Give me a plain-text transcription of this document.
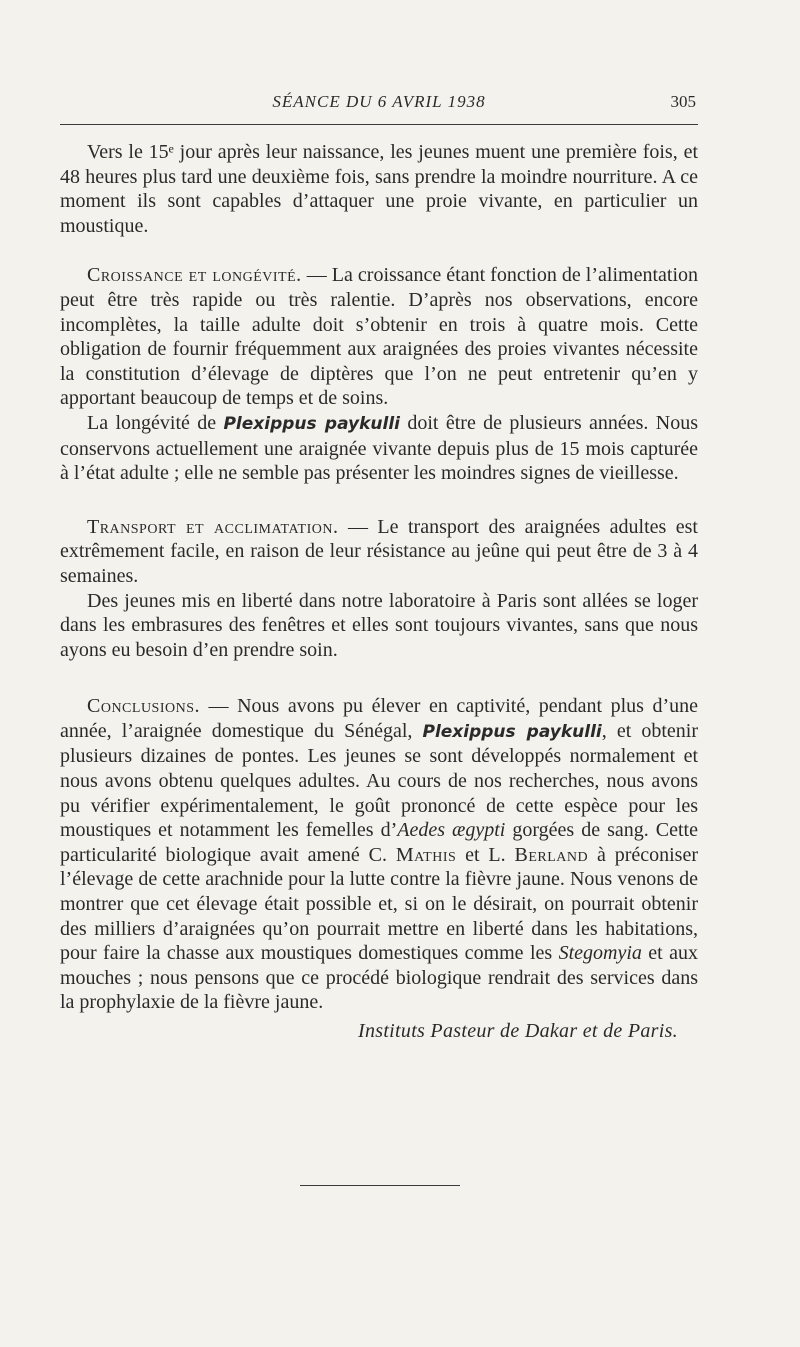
SÉANCE DU 6 AVRIL 1938	305

Vers le 15ᵉ jour après leur naissance, les jeunes muent une première fois, et 48 heures plus tard une deuxième fois, sans prendre la moindre nourriture. A ce moment ils sont capables d’attaquer une proie vivante, en particulier un moustique.

Croissance et longévité. — La croissance étant fonction de l’alimentation peut être très rapide ou très ralentie. D’après nos observations, encore incomplètes, la taille adulte doit s’obtenir en trois à quatre mois. Cette obligation de fournir fréquemment aux araignées des proies vivantes nécessite la constitution d’élevage de diptères que l’on ne peut entretenir qu’en y apportant beaucoup de temps et de soins.

La longévité de Plexippus paykulli doit être de plusieurs années. Nous conservons actuellement une araignée vivante depuis plus de 15 mois capturée à l’état adulte ; elle ne semble pas présenter les moindres signes de vieillesse.

Transport et acclimatation. — Le transport des araignées adultes est extrêmement facile, en raison de leur résistance au jeûne qui peut être de 3 à 4 semaines.

Des jeunes mis en liberté dans notre laboratoire à Paris sont allées se loger dans les embrasures des fenêtres et elles sont toujours vivantes, sans que nous ayons eu besoin d’en prendre soin.

Conclusions. — Nous avons pu élever en captivité, pendant plus d’une année, l’araignée domestique du Sénégal, Plexippus paykulli, et obtenir plusieurs dizaines de pontes. Les jeunes se sont développés normalement et nous avons obtenu quelques adultes. Au cours de nos recherches, nous avons pu vérifier expérimentalement, le goût prononcé de cette espèce pour les moustiques et notamment les femelles d’Aedes ægypti gorgées de sang. Cette particularité biologique avait amené C. Mathis et L. Berland à préconiser l’élevage de cette arachnide pour la lutte contre la fièvre jaune. Nous venons de montrer que cet élevage était possible et, si on le désirait, on pourrait obtenir des milliers d’araignées qu’on pourrait mettre en liberté dans les habitations, pour faire la chasse aux moustiques domestiques comme les Stegomyia et aux mouches ; nous pensons que ce procédé biologique rendrait des services dans la prophylaxie de la fièvre jaune.

Instituts Pasteur de Dakar et de Paris.
